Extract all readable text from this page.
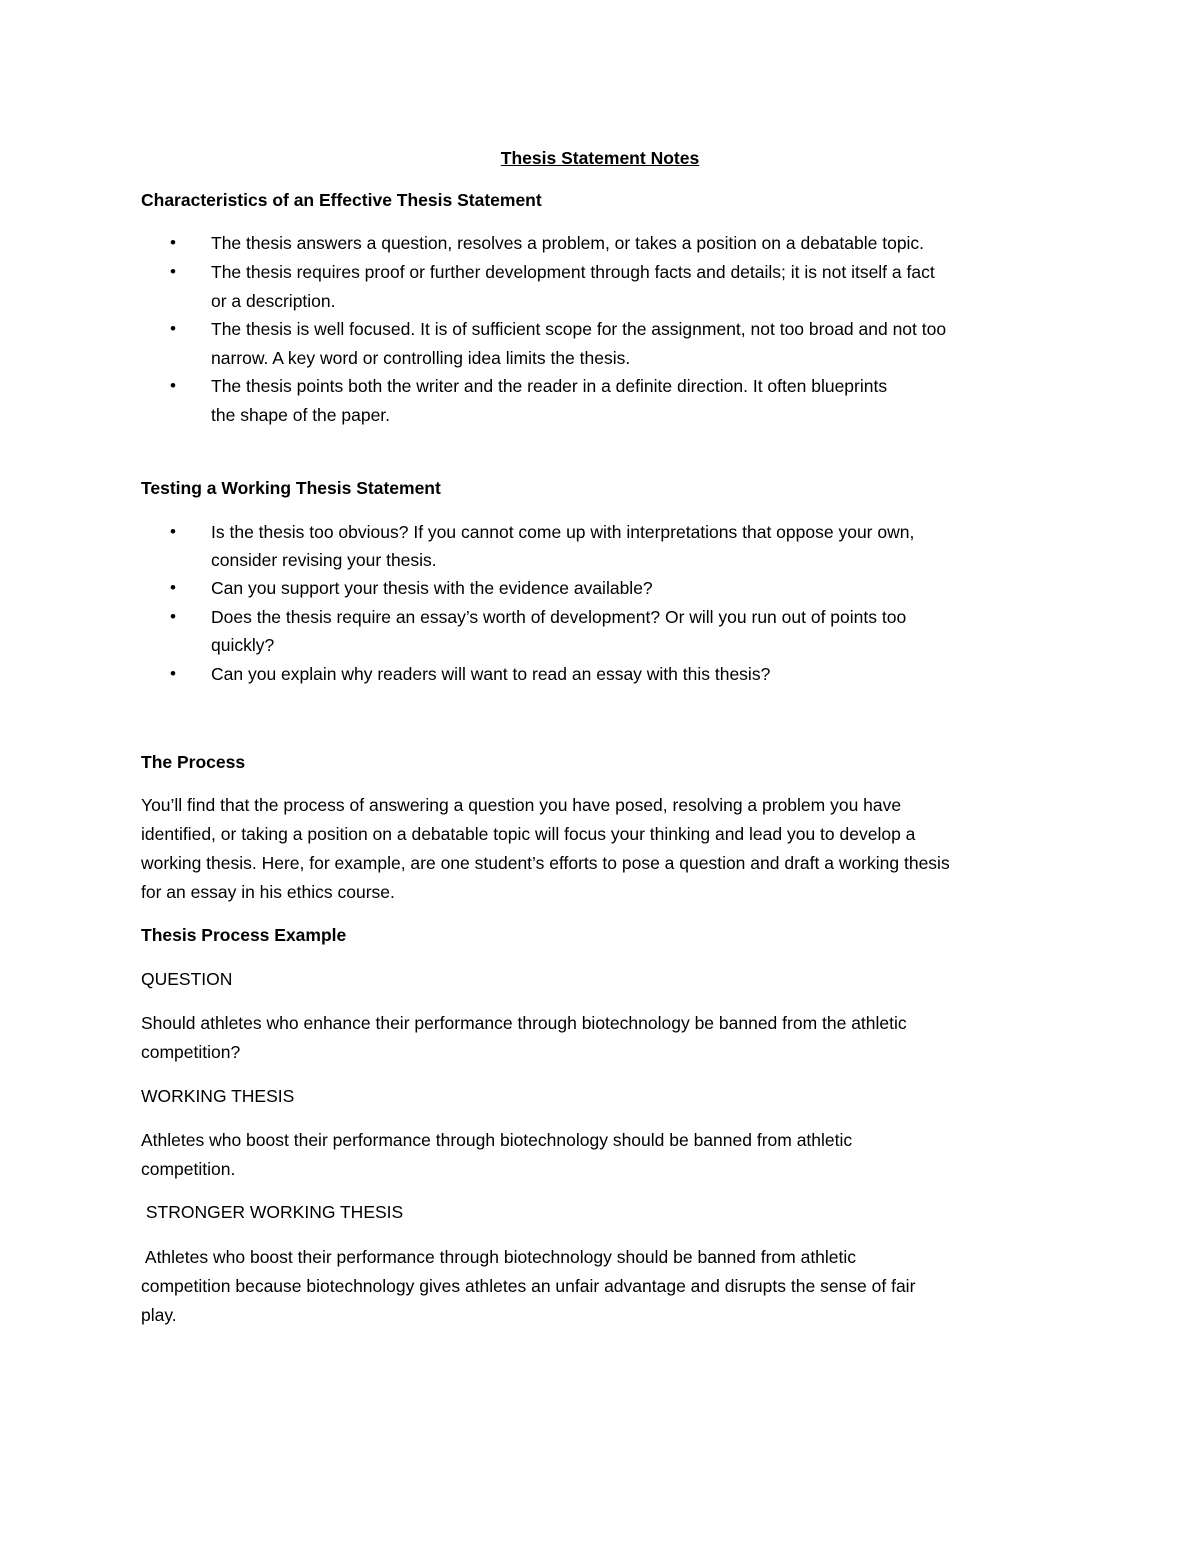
Thesis Statement Notes
Characteristics of an Effective Thesis Statement
•	The thesis answers a question, resolves a problem, or takes a position on a debatable topic.
•	The thesis requires proof or further development through facts and details; it is not itself a fact
or a description.
•	The thesis is well focused. It is of sufficient scope for the assignment, not too broad and not too
narrow. A key word or controlling idea limits the thesis.
•	The thesis points both the writer and the reader in a definite direction. It often blueprints
the shape of the paper.
Testing a Working Thesis Statement
•	Is the thesis too obvious? If you cannot come up with interpretations that oppose your own,
consider revising your thesis.
•	Can you support your thesis with the evidence available?
•	Does the thesis require an essay’s worth of development? Or will you run out of points too
quickly?
•	Can you explain why readers will want to read an essay with this thesis?
The Process
You’ll find that the process of answering a question you have posed, resolving a problem you have
identified, or taking a position on a debatable topic will focus your thinking and lead you to develop a
working thesis. Here, for example, are one student’s efforts to pose a question and draft a working thesis
for an essay in his ethics course.
Thesis Process Example
QUESTION
Should athletes who enhance their performance through biotechnology be banned from the athletic
competition?
WORKING THESIS
Athletes who boost their performance through biotechnology should be banned from athletic
competition.
STRONGER WORKING THESIS
Athletes who boost their performance through biotechnology should be banned from athletic
competition because biotechnology gives athletes an unfair advantage and disrupts the sense of fair
play.
